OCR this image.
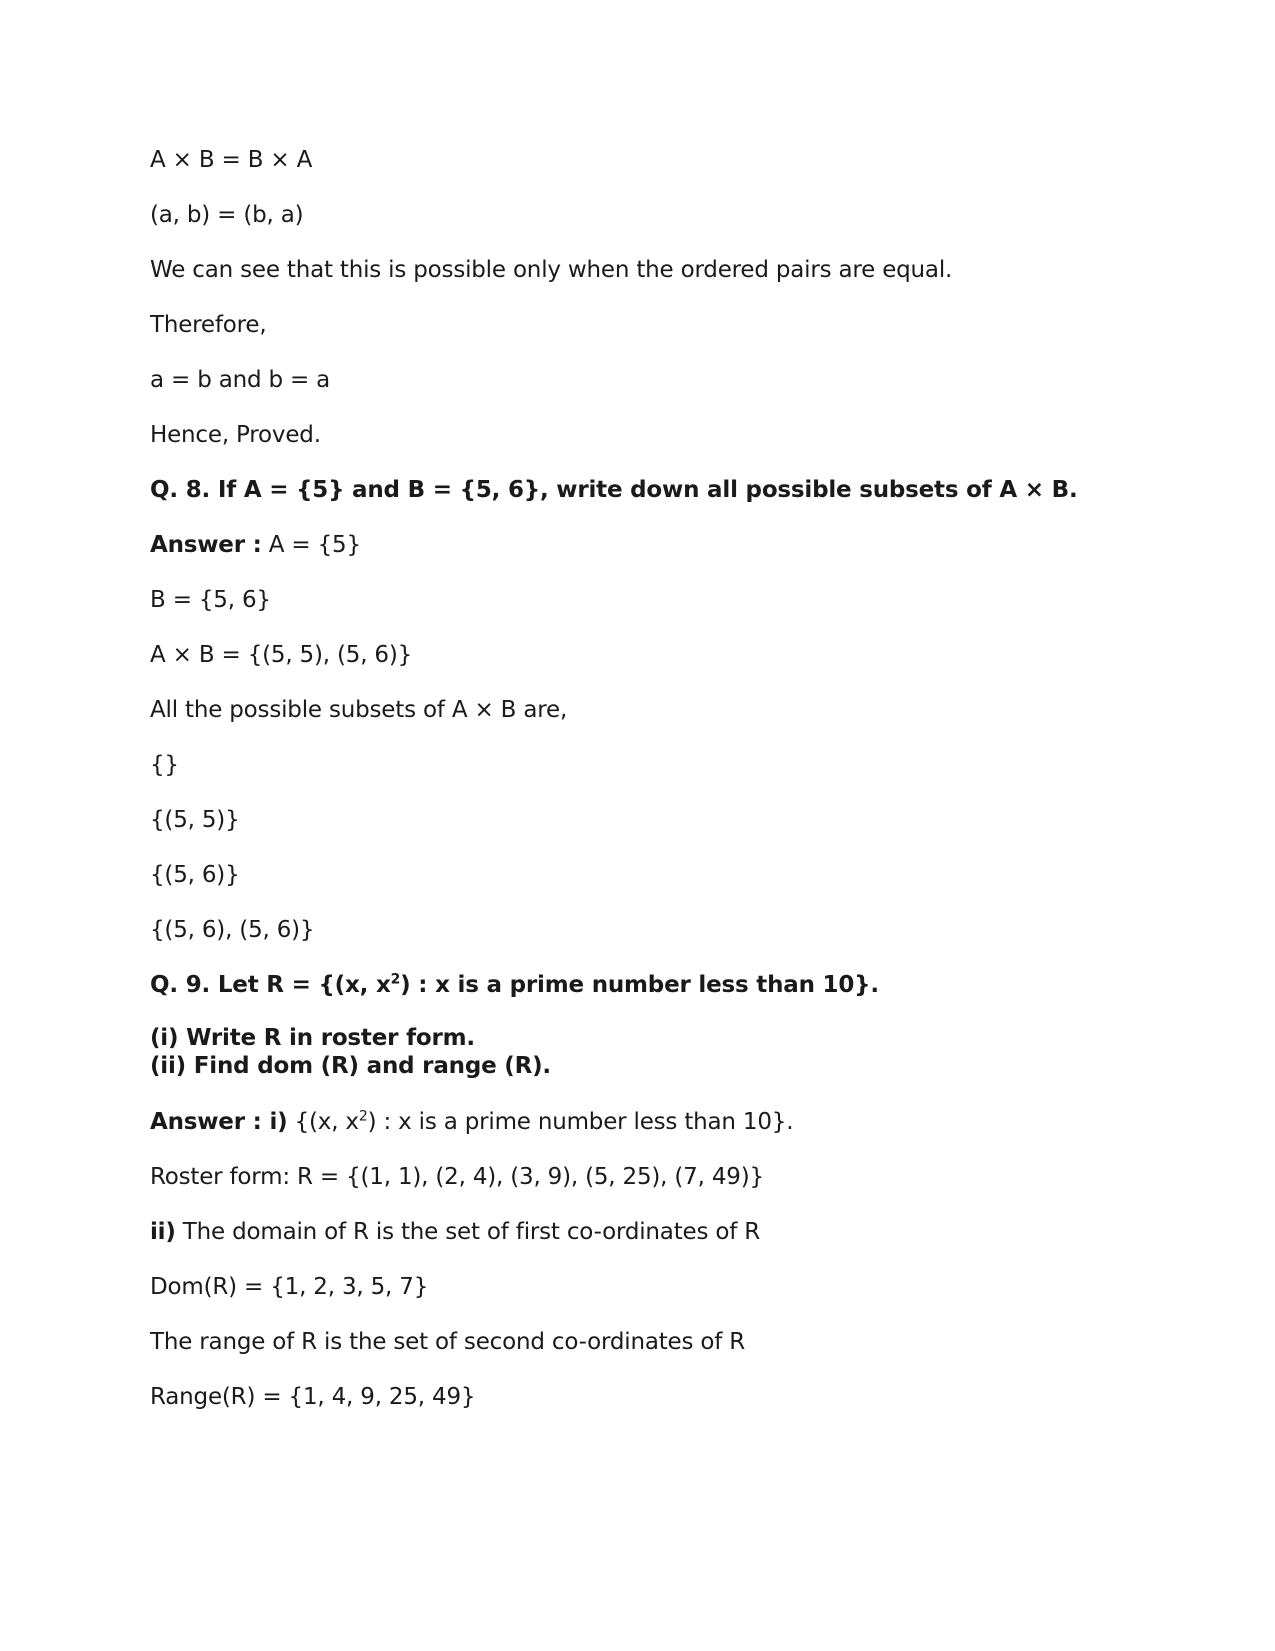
A × B = B × A
(a, b) = (b, a)
We can see that this is possible only when the ordered pairs are equal.
Therefore,
a = b and b = a
Hence, Proved.
Q. 8. If A = {5} and B = {5, 6}, write down all possible subsets of A × B.
Answer : A = {5}
B = {5, 6}
A × B = {(5, 5), (5, 6)}
All the possible subsets of A × B are,
{}
{(5, 5)}
{(5, 6)}
{(5, 6), (5, 6)}
Q. 9. Let R = {(x, $x^2$) : x is a prime number less than 10}.
(i) Write R in roster form.
(ii) Find dom (R) and range (R).
Answer : i) {(x, $x^2$) : x is a prime number less than 10}.
Roster form: R = {(1, 1), (2, 4), (3, 9), (5, 25), (7, 49)}
ii) The domain of R is the set of first co-ordinates of R
Dom(R) = {1, 2, 3, 5, 7}
The range of R is the set of second co-ordinates of R
Range(R) = {1, 4, 9, 25, 49}
